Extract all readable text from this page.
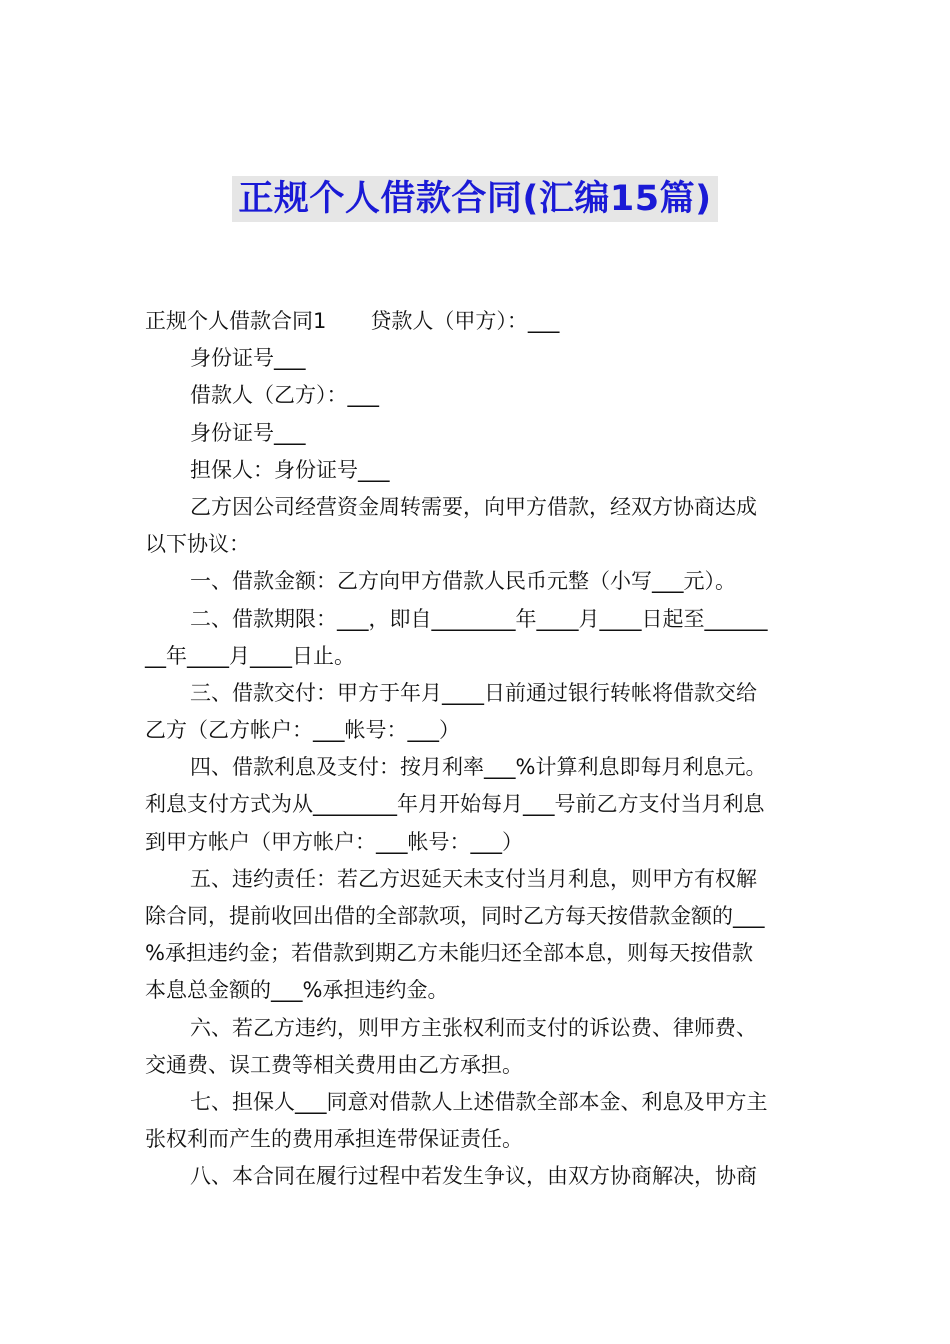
正规个人借款合同(汇编15篇)
正规个人借款合同1 贷款人（甲方）：___
身份证号___
借款人（乙方）：___
身份证号___
担保人：身份证号___
乙方因公司经营资金周转需要，向甲方借款，经双方协商达成
以下协议：
一、借款金额：乙方向甲方借款人民币元整（小写___元）。
二、借款期限：___，即自________年____月____日起至______
__年____月____日止。
三、借款交付：甲方于年月____日前通过银行转帐将借款交给
乙方（乙方帐户：___帐号：___）
四、借款利息及支付：按月利率___%计算利息即每月利息元。
利息支付方式为从________年月开始每月___号前乙方支付当月利息
到甲方帐户（甲方帐户：___帐号：___）
五、违约责任：若乙方迟延天未支付当月利息，则甲方有权解
除合同，提前收回出借的全部款项，同时乙方每天按借款金额的___
%承担违约金；若借款到期乙方未能归还全部本息，则每天按借款
本息总金额的___%承担违约金。
六、若乙方违约，则甲方主张权利而支付的诉讼费、律师费、
交通费、误工费等相关费用由乙方承担。
七、担保人___同意对借款人上述借款全部本金、利息及甲方主
张权利而产生的费用承担连带保证责任。
八、本合同在履行过程中若发生争议，由双方协商解决，协商
